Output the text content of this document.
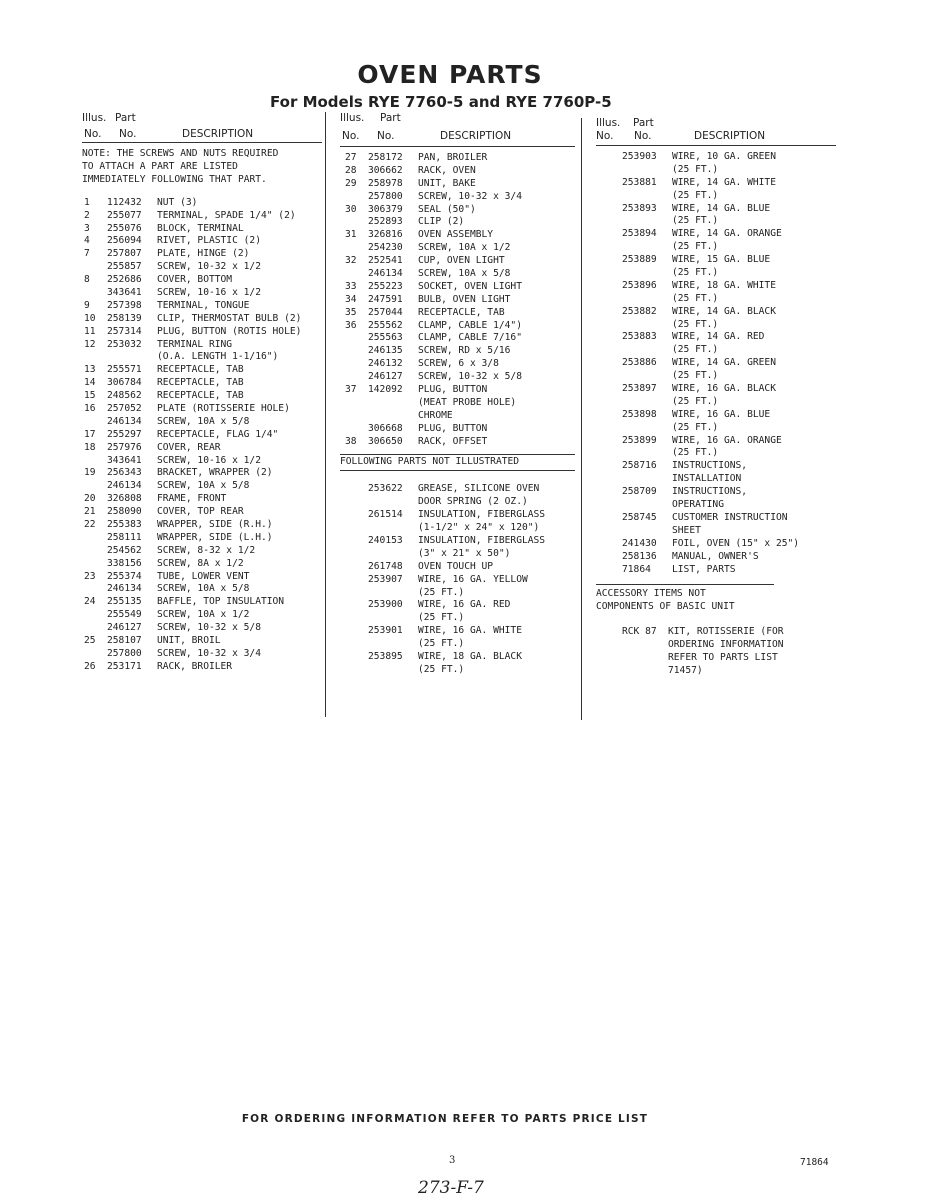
OVEN PARTS
For Models RYE 7760-5 and RYE 7760P-5
Illus. Part
No. No.	DESCRIPTION
NOTE: THE SCREWS AND NUTS REQUIRED
TO ATTACH A PART ARE LISTED
IMMEDIATELY FOLLOWING THAT PART.
1 112432 NUT (3)
2 255077 TERMINAL, SPADE 1/4" (2)
3 255076 BLOCK, TERMINAL
4 256094 RIVET, PLASTIC (2)
7 257807 PLATE, HINGE (2)
255857 SCREW, 10-32 x 1/2
8 252686 COVER, BOTTOM
343641 SCREW, 10-16 x 1/2
9 257398 TERMINAL, TONGUE
10 258139 CLIP, THERMOSTAT BULB (2)
11 257314 PLUG, BUTTON (ROTIS HOLE)
12 253032 TERMINAL RING
(O.A. LENGTH 1-1/16")
13 255571 RECEPTACLE, TAB
14 306784 RECEPTACLE, TAB
15 248562 RECEPTACLE, TAB
16 257052 PLATE (ROTISSERIE HOLE)
246134 SCREW, 10A x 5/8
17 255297 RECEPTACLE, FLAG 1/4"
18 257976 COVER, REAR
343641 SCREW, 10-16 x 1/2
19 256343 BRACKET, WRAPPER (2)
246134 SCREW, 10A x 5/8
20 326808 FRAME, FRONT
21 258090 COVER, TOP REAR
22 255383 WRAPPER, SIDE (R.H.)
258111 WRAPPER, SIDE (L.H.)
254562 SCREW, 8-32 x 1/2
338156 SCREW, 8A x 1/2
23 255374 TUBE, LOWER VENT
246134 SCREW, 10A x 5/8
24 255135 BAFFLE, TOP INSULATION
255549 SCREW, 10A x 1/2
246127 SCREW, 10-32 x 5/8
25 258107 UNIT, BROIL
257800 SCREW, 10-32 x 3/4
26 253171 RACK, BROILER
Illus. Part
No. No.	DESCRIPTION
27 258172 PAN, BROILER
28 306662 RACK, OVEN
29 258978 UNIT, BAKE
257800 SCREW, 10-32 x 3/4
30 306379 SEAL (50")
252893 CLIP (2)
31 326816 OVEN ASSEMBLY
254230 SCREW, 10A x 1/2
32 252541 CUP, OVEN LIGHT
246134 SCREW, 10A x 5/8
33 255223 SOCKET, OVEN LIGHT
34 247591 BULB, OVEN LIGHT
35 257044 RECEPTACLE, TAB
36 255562 CLAMP, CABLE 1/4")
255563 CLAMP, CABLE 7/16"
246135 SCREW, RD x 5/16
246132 SCREW, 6 x 3/8
246127 SCREW, 10-32 x 5/8
37 142092 PLUG, BUTTON
(MEAT PROBE HOLE)
CHROME
306668 PLUG, BUTTON
38 306650 RACK, OFFSET
FOLLOWING PARTS NOT ILLUSTRATED
253622 GREASE, SILICONE OVEN
DOOR SPRING (2 OZ.)
261514 INSULATION, FIBERGLASS
(1-1/2" x 24" x 120")
240153 INSULATION, FIBERGLASS
(3" x 21" x 50")
261748 OVEN TOUCH UP
253907 WIRE, 16 GA. YELLOW
(25 FT.)
253900 WIRE, 16 GA. RED
(25 FT.)
253901 WIRE, 16 GA. WHITE
(25 FT.)
253895 WIRE, 18 GA. BLACK
(25 FT.)
Illus. Part
No. No.	DESCRIPTION
253903 WIRE, 10 GA. GREEN
(25 FT.)
253881 WIRE, 14 GA. WHITE
(25 FT.)
253893 WIRE, 14 GA. BLUE
(25 FT.)
253894 WIRE, 14 GA. ORANGE
(25 FT.)
253889 WIRE, 15 GA. BLUE
(25 FT.)
253896 WIRE, 18 GA. WHITE
(25 FT.)
253882 WIRE, 14 GA. BLACK
(25 FT.)
253883 WIRE, 14 GA. RED
(25 FT.)
253886 WIRE, 14 GA. GREEN
(25 FT.)
253897 WIRE, 16 GA. BLACK
(25 FT.)
253898 WIRE, 16 GA. BLUE
(25 FT.)
253899 WIRE, 16 GA. ORANGE
(25 FT.)
258716 INSTRUCTIONS,
INSTALLATION
258709 INSTRUCTIONS,
OPERATING
258745 CUSTOMER INSTRUCTION
SHEET
241430 FOIL, OVEN (15" x 25")
258136 MANUAL, OWNER'S
71864 LIST, PARTS
ACCESSORY ITEMS NOT
COMPONENTS OF BASIC UNIT
RCK 87 KIT, ROTISSERIE (FOR
ORDERING INFORMATION
REFER TO PARTS LIST
71457)
FOR ORDERING INFORMATION REFER TO PARTS PRICE LIST
3	71864
273-F-7
